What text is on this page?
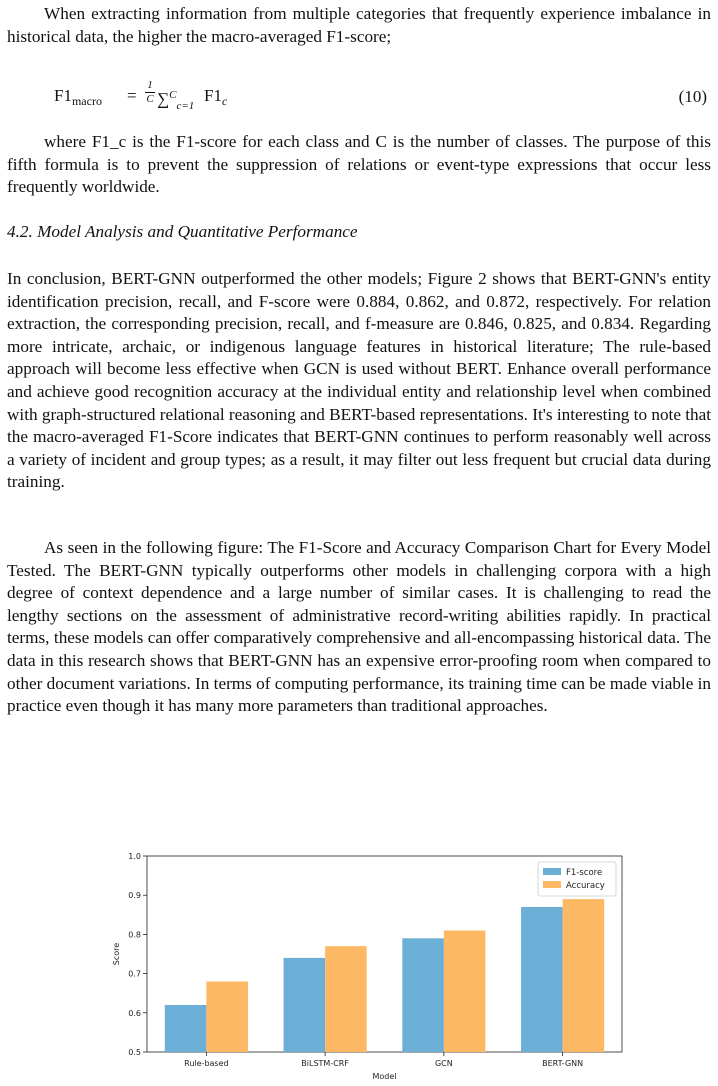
When extracting information from multiple categories that frequently experience imbalance in historical data, the higher the macro-averaged F1-score;

$F1_{macro}$ =
1
C ∑$^C_{c=1}$
$F1_c$	(10)

where F1_c is the F1-score for each class and C is the number of classes. The purpose of this fifth formula is to prevent the suppression of relations or event-type expressions that occur less frequently worldwide.

4.2. Model Analysis and Quantitative Performance

In conclusion, BERT-GNN outperformed the other models; Figure 2 shows that BERT-GNN's entity identification precision, recall, and F-score were 0.884, 0.862, and 0.872, respectively. For relation extraction, the corresponding precision, recall, and f-measure are 0.846, 0.825, and 0.834. Regarding more intricate, archaic, or indigenous language features in historical literature; The rule-based approach will become less effective when GCN is used without BERT. Enhance overall performance and achieve good recognition accuracy at the individual entity and relationship level when combined with graph-structured relational reasoning and BERT-based representations. It's interesting to note that the macro-averaged F1-Score indicates that BERT-GNN continues to perform reasonably well across a variety of incident and group types; as a result, it may filter out less frequent but crucial data during training.

As seen in the following figure: The F1-Score and Accuracy Comparison Chart for Every Model Tested. The BERT-GNN typically outperforms other models in challenging corpora with a high degree of context dependence and a large number of similar cases. It is challenging to read the lengthy sections on the assessment of administrative record-writing abilities rapidly. In practical terms, these models can offer comparatively comprehensive and all-encompassing historical data. The data in this research shows that BERT-GNN has an expensive error-proofing room when compared to other document variations. In terms of computing performance, its training time can be made viable in practice even though it has many more parameters than traditional approaches.

0.5
0.6
0.7
0.8
0.9
1.0
Score
Rule-based	BiLSTM-CRF	GCN	BERT-GNN
Model
F1-score
Accuracy
